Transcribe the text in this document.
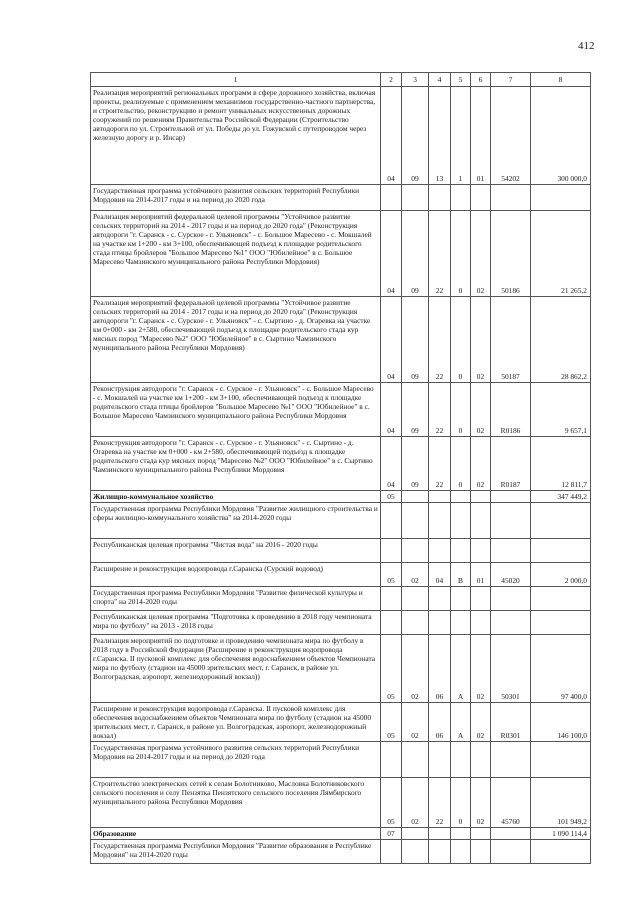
412
1	2	3	4	5	6	7	8
Реализация мероприятий региональных программ в сфере дорожного хозяйства, включая проекты, реализуемые с применением механизмов государственно-частного партнерства, и строительство, реконструкцию и ремонт уникальных искусственных дорожных сооружений по решениям Правительства Российской Федерации (Строительство автодороги по ул. Строительной от ул. Победы до ул. Гожувской с путепроводом через железную дорогу и р. Инсар)	04	09	13	1	01	54202	300 000,0
Государственная программа устойчивого развития сельских территорий Республики Мордовия на 2014-2017 годы и на период до 2020 года							
Реализация мероприятий федеральной целевой программы "Устойчивое развитие сельских территорий на 2014 - 2017 годы и на период до 2020 года" (Реконструкция автодороги "г. Саранск - с. Сурское - г. Ульяновск" - с. Большое Маресево - с. Мокшалей на участке км 1+200 - км 3+100, обеспечивающей подъезд к площадке родительского стада птицы бройлеров "Большое Маресево №1" ООО "Юбилейное" в с. Большое Маресево Чамзинского муниципального района Республики Мордовия)	04	09	22	0	02	50186	21 265,2
Реализация мероприятий федеральной целевой программы "Устойчивое развитие сельских территорий на 2014 - 2017 годы и на период до 2020 года" (Реконструкция автодороги "г. Саранск - с. Сурское - г. Ульяновск" - с. Сыртино - д. Огаревка на участке км 0+000 - км 2+580, обеспечивающей подъезд к площадке родительского стада кур мясных пород "Маресево №2" ООО "Юбилейное" в с. Сыртино Чамзинского муниципального района Республики Мордовия)	04	09	22	0	02	50187	28 862,2
Реконструкция автодороги "г. Саранск - с. Сурское - г. Ульяновск" - с. Большое Маресево - с. Мокшалей на участке км 1+200 - км 3+100, обеспечивающей подъезд к площадке родительского стада птицы бройлеров "Большое Маресево №1" ООО "Юбилейное" в с. Большое Маресево Чамзинского муниципального района Республики Мордовия	04	09	22	0	02	R0186	9 657,1
Реконструкция автодороги "г. Саранск - с. Сурское - г. Ульяновск" - с. Сыртино - д. Огаревка на участке км 0+000 - км 2+580, обеспечивающей подъезд к площадке родительского стада кур мясных пород "Маресево №2" ООО "Юбилейное" в с. Сыртино Чамзинского муниципального района Республики Мордовия	04	09	22	0	02	R0187	12 811,7
Жилищно-коммунальное хозяйство	05						347 449,2
Государственная программа Республики Мордовия "Развитие жилищного строительства и сферы жилищно-коммунального хозяйства" на 2014-2020 годы							
Республиканская целевая программа "Чистая вода" на 2016 - 2020 годы							
Расширение и реконструкция водопровода г.Саранска (Сурский водовод)	05	02	04	В	01	45020	2 000,0
Государственная программа Республики Мордовия "Развитие физической культуры и спорта" на 2014-2020 годы							
Республиканская целевая программа "Подготовка к проведению в 2018 году чемпионата мира по футболу" на 2013 - 2018 годы							
Реализация мероприятий по подготовке и проведению чемпионата мира по футболу в 2018 году в Российской Федерации (Расширение и реконструкция водопровода г.Саранска. II пусковой комплекс для обеспечения водоснабжением объектов Чемпионата мира по футболу (стадион на 45000 зрительских мест, г. Саранск, в районе ул. Волгоградская, аэропорт, железнодорожный вокзал))	05	02	06	А	02	50301	97 400,0
Расширение и реконструкция водопровода г.Саранска. II пусковой комплекс для обеспечения водоснабжением объектов Чемпионата мира по футболу (стадион на 45000 зрительских мест, г. Саранск, в районе ул. Волгоградская, аэропорт, железнодорожный вокзал)	05	02	06	А	02	R0301	146 100,0
Государственная программа устойчивого развития сельских территорий Республики Мордовия на 2014-2017 годы и на период до 2020 года							
Строительство электрических сетей к селам Болотниково, Масловка Болотниковского сельского поселения и селу Пензятка Пензятского сельского поселения Лямбирского муниципального района Республики Мордовия	05	02	22	0	02	45760	101 949,2
Образование	07						1 090 114,4
Государственная программа Республики Мордовия "Развитие образования в Республике Мордовия" на 2014-2020 годы							
